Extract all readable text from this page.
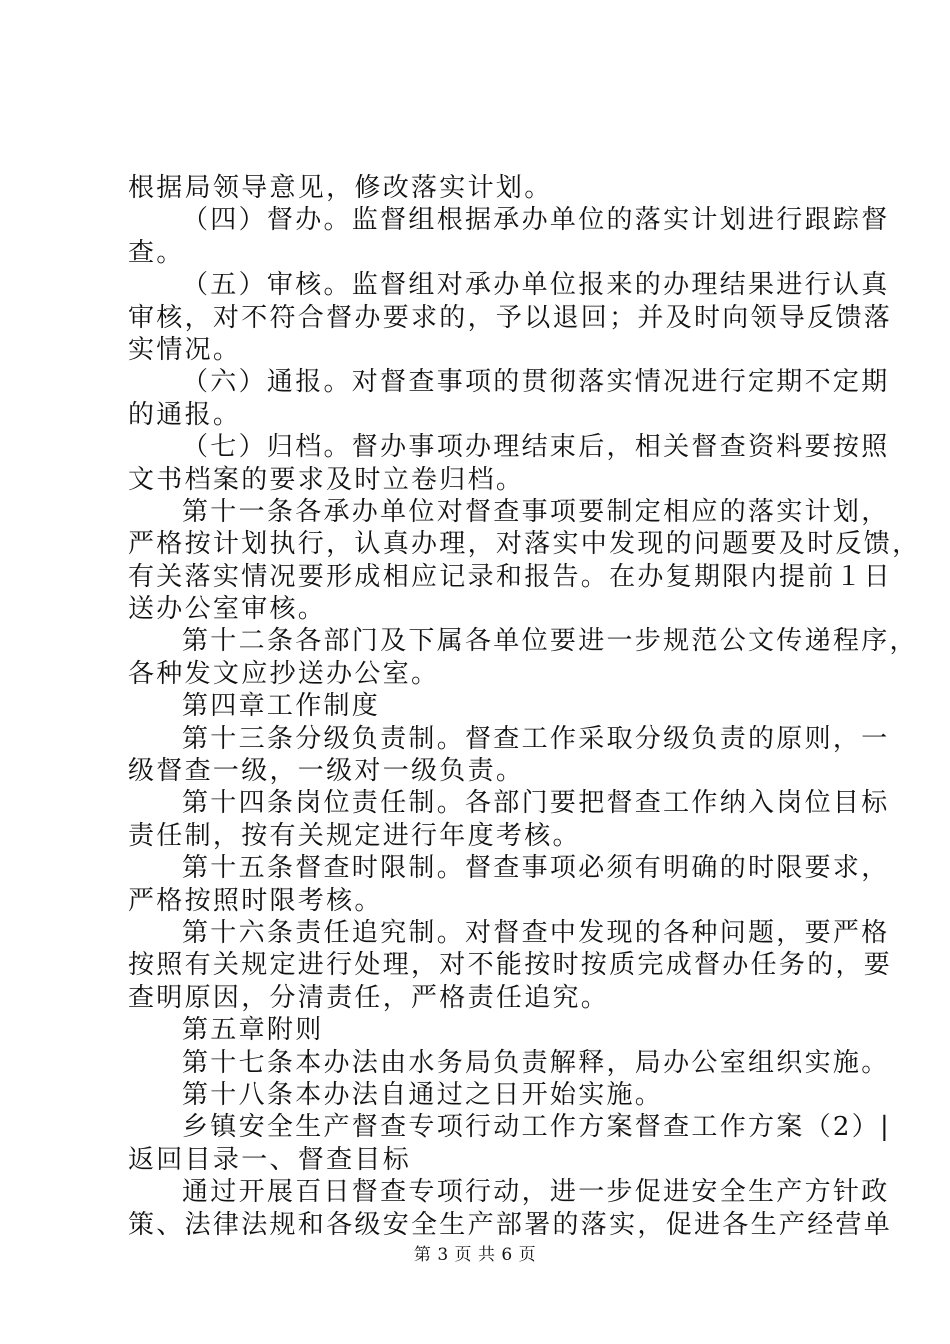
根据局领导意见，修改落实计划。
（四）督办。监督组根据承办单位的落实计划进行跟踪督
查。
（五）审核。监督组对承办单位报来的办理结果进行认真
审核，对不符合督办要求的，予以退回；并及时向领导反馈落
实情况。
（六）通报。对督查事项的贯彻落实情况进行定期不定期
的通报。
（七）归档。督办事项办理结束后，相关督查资料要按照
文书档案的要求及时立卷归档。
第十一条各承办单位对督查事项要制定相应的落实计划，
严格按计划执行，认真办理，对落实中发现的问题要及时反馈，
有关落实情况要形成相应记录和报告。在办复期限内提前１日
送办公室审核。
第十二条各部门及下属各单位要进一步规范公文传递程序，
各种发文应抄送办公室。
第四章工作制度
第十三条分级负责制。督查工作采取分级负责的原则，一
级督查一级，一级对一级负责。
第十四条岗位责任制。各部门要把督查工作纳入岗位目标
责任制，按有关规定进行年度考核。
第十五条督查时限制。督查事项必须有明确的时限要求，
严格按照时限考核。
第十六条责任追究制。对督查中发现的各种问题，要严格
按照有关规定进行处理，对不能按时按质完成督办任务的，要
查明原因，分清责任，严格责任追究。
第五章附则
第十七条本办法由水务局负责解释，局办公室组织实施。
第十八条本办法自通过之日开始实施。
乡镇安全生产督查专项行动工作方案督查工作方案（2）|
返回目录一、督查目标
通过开展百日督查专项行动，进一步促进安全生产方针政
策、法律法规和各级安全生产部署的落实，促进各生产经营单
第 3 页 共 6 页
